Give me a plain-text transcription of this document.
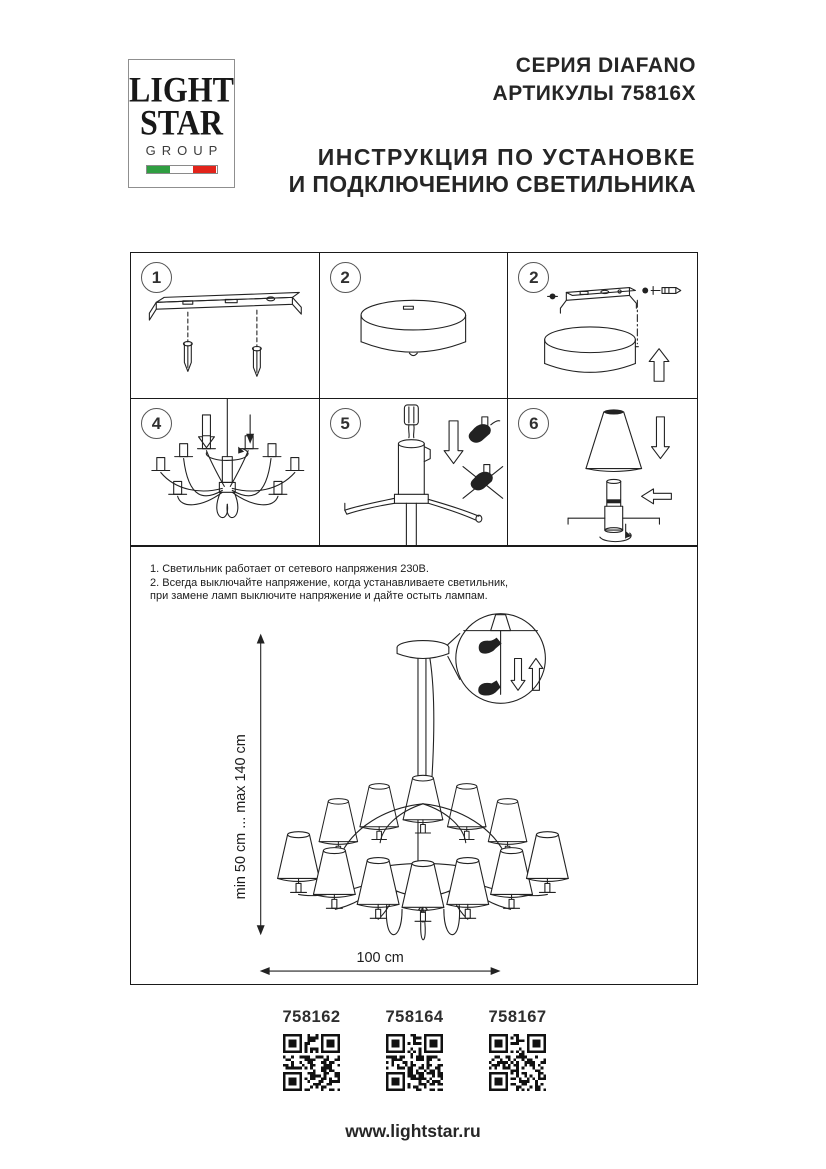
LIGHT
STAR
GROUP
СЕРИЯ DIAFANO
АРТИКУЛЫ 75816X
ИНСТРУКЦИЯ ПО УСТАНОВКЕ
И ПОДКЛЮЧЕНИЮ СВЕТИЛЬНИКА
1	2	2
4	5	6
1. Светильник работает от сетевого напряжения 230В.
2. Всегда выключайте напряжение, когда устанавливаете светильник,
при замене ламп выключите напряжение и дайте остыть лампам.
min 50 cm ... max 140 cm
100 cm
758162	758164	758167
www.lightstar.ru
